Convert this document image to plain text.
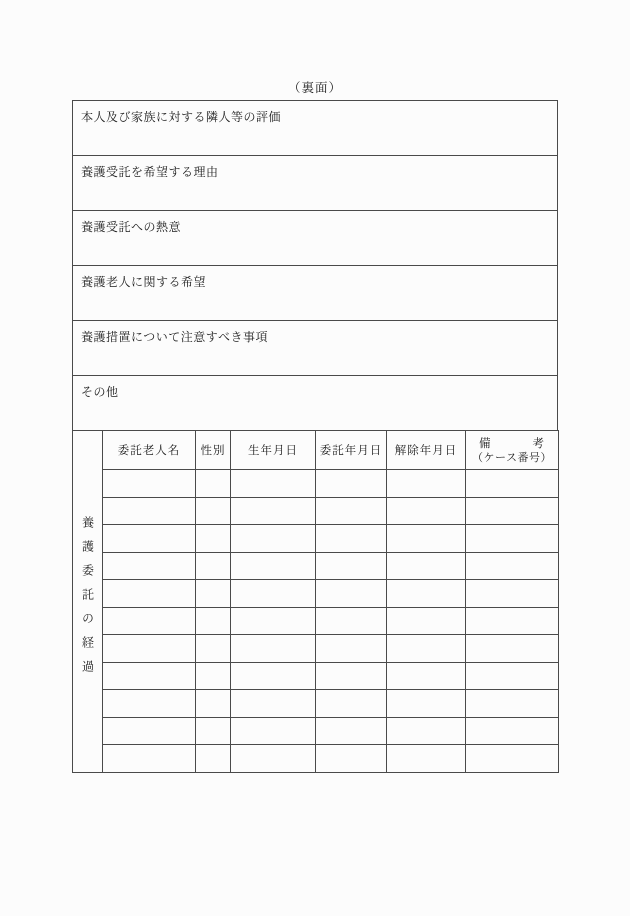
（裏面）
本人及び家族に対する隣人等の評価
養護受託を希望する理由
養護受託への熱意
養護老人に関する希望
養護措置について注意すべき事項
その他
養護委託の経過	委託老人名	性別	生年月日	委託年月日	解除年月日	備 考
（ケース番号）
